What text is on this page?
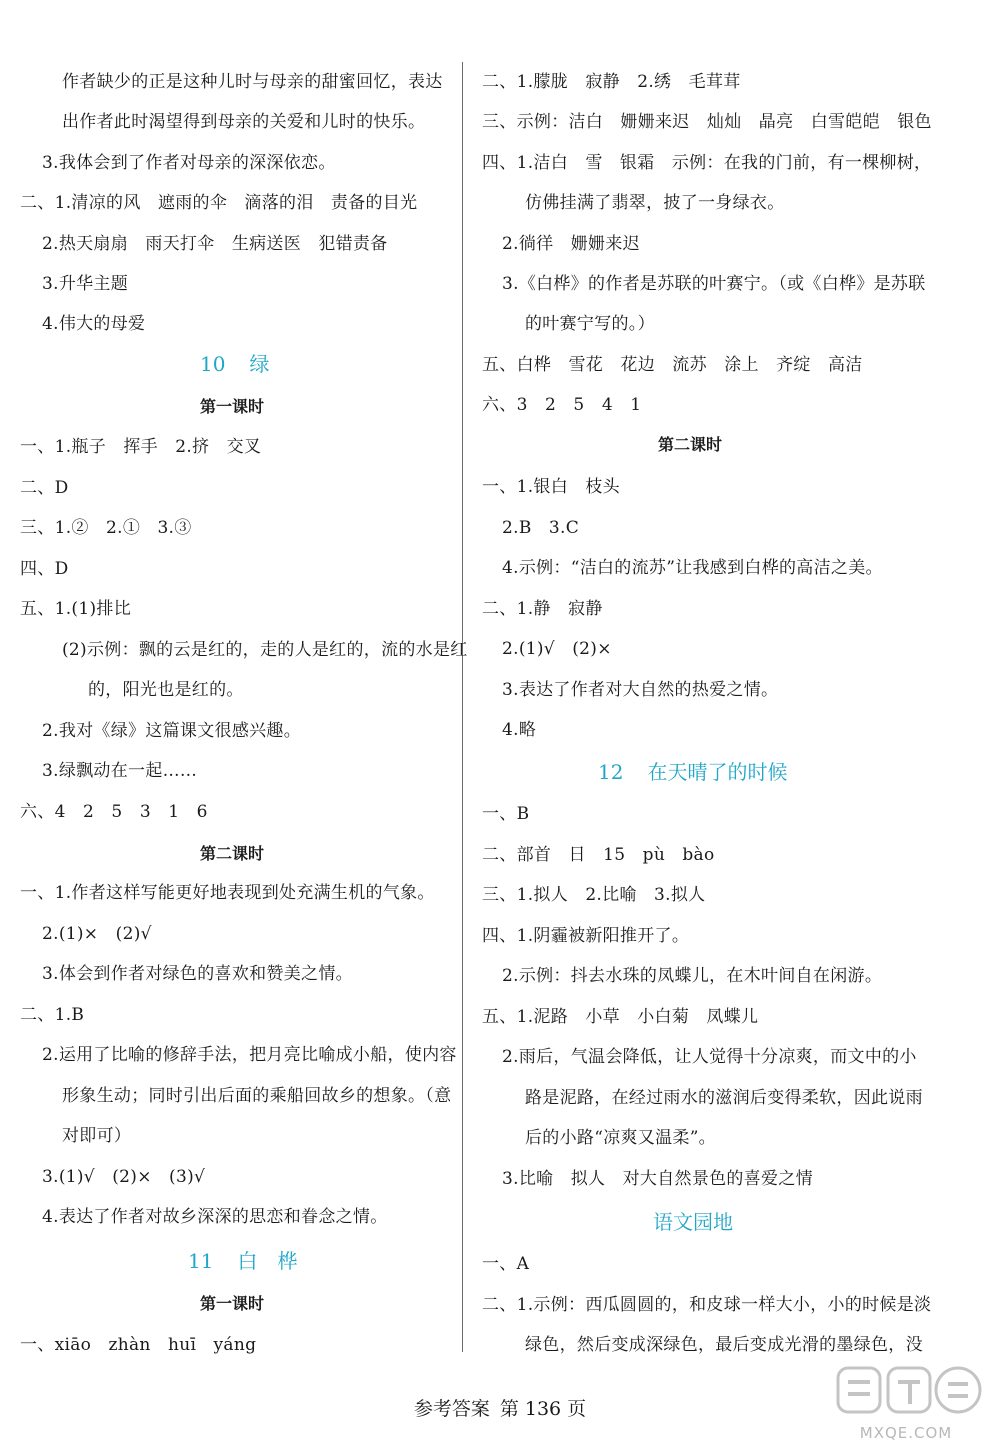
作者缺少的正是这种儿时与母亲的甜蜜回忆，表达
出作者此时渴望得到母亲的关爱和儿时的快乐。
3.我体会到了作者对母亲的深深依恋。
二、1.清凉的风　遮雨的伞　滴落的泪　责备的目光
2.热天扇扇　雨天打伞　生病送医　犯错责备
3.升华主题
4.伟大的母爱
10 绿
第一课时
一、1.瓶子　挥手　2.挤　交叉
二、D
三、1.②　2.①　3.③
四、D
五、1.(1)排比
(2)示例：飘的云是红的，走的人是红的，流的水是红
的，阳光也是红的。
2.我对《绿》这篇课文很感兴趣。
3.绿飘动在一起……
六、4　2　5　3　1　6
第二课时
一、1.作者这样写能更好地表现到处充满生机的气象。
2.(1)×　(2)√
3.体会到作者对绿色的喜欢和赞美之情。
二、1.B
2.运用了比喻的修辞手法，把月亮比喻成小船，使内容
形象生动；同时引出后面的乘船回故乡的想象。（意
对即可）
3.(1)√　(2)×　(3)√
4.表达了作者对故乡深深的思恋和眷念之情。
11 白　桦
第一课时
一、xiāo　zhàn　huī　yáng
二、1.朦胧　寂静　2.绣　毛茸茸
三、示例：洁白　姗姗来迟　灿灿　晶亮　白雪皑皑　银色
四、1.洁白　雪　银霜　示例：在我的门前，有一棵柳树，
仿佛挂满了翡翠，披了一身绿衣。
2.徜徉　姗姗来迟
3.《白桦》的作者是苏联的叶赛宁。（或《白桦》是苏联
的叶赛宁写的。）
五、白桦　雪花　花边　流苏　涂上　齐绽　高洁
六、3　2　5　4　1
第二课时
一、1.银白　枝头
2.B　3.C
4.示例：“洁白的流苏”让我感到白桦的高洁之美。
二、1.静　寂静
2.(1)√　(2)×
3.表达了作者对大自然的热爱之情。
4.略
12 在天晴了的时候
一、B
二、部首　日　15　pù　bào
三、1.拟人　2.比喻　3.拟人
四、1.阴霾被新阳推开了。
2.示例：抖去水珠的凤蝶儿，在木叶间自在闲游。
五、1.泥路　小草　小白菊　凤蝶儿
2.雨后，气温会降低，让人觉得十分凉爽，而文中的小
路是泥路，在经过雨水的滋润后变得柔软，因此说雨
后的小路“凉爽又温柔”。
3.比喻　拟人　对大自然景色的喜爱之情
语文园地
一、A
二、1.示例：西瓜圆圆的，和皮球一样大小，小的时候是淡
绿色，然后变成深绿色，最后变成光滑的墨绿色，没
参考答案 第 136 页
MXQE.COM
